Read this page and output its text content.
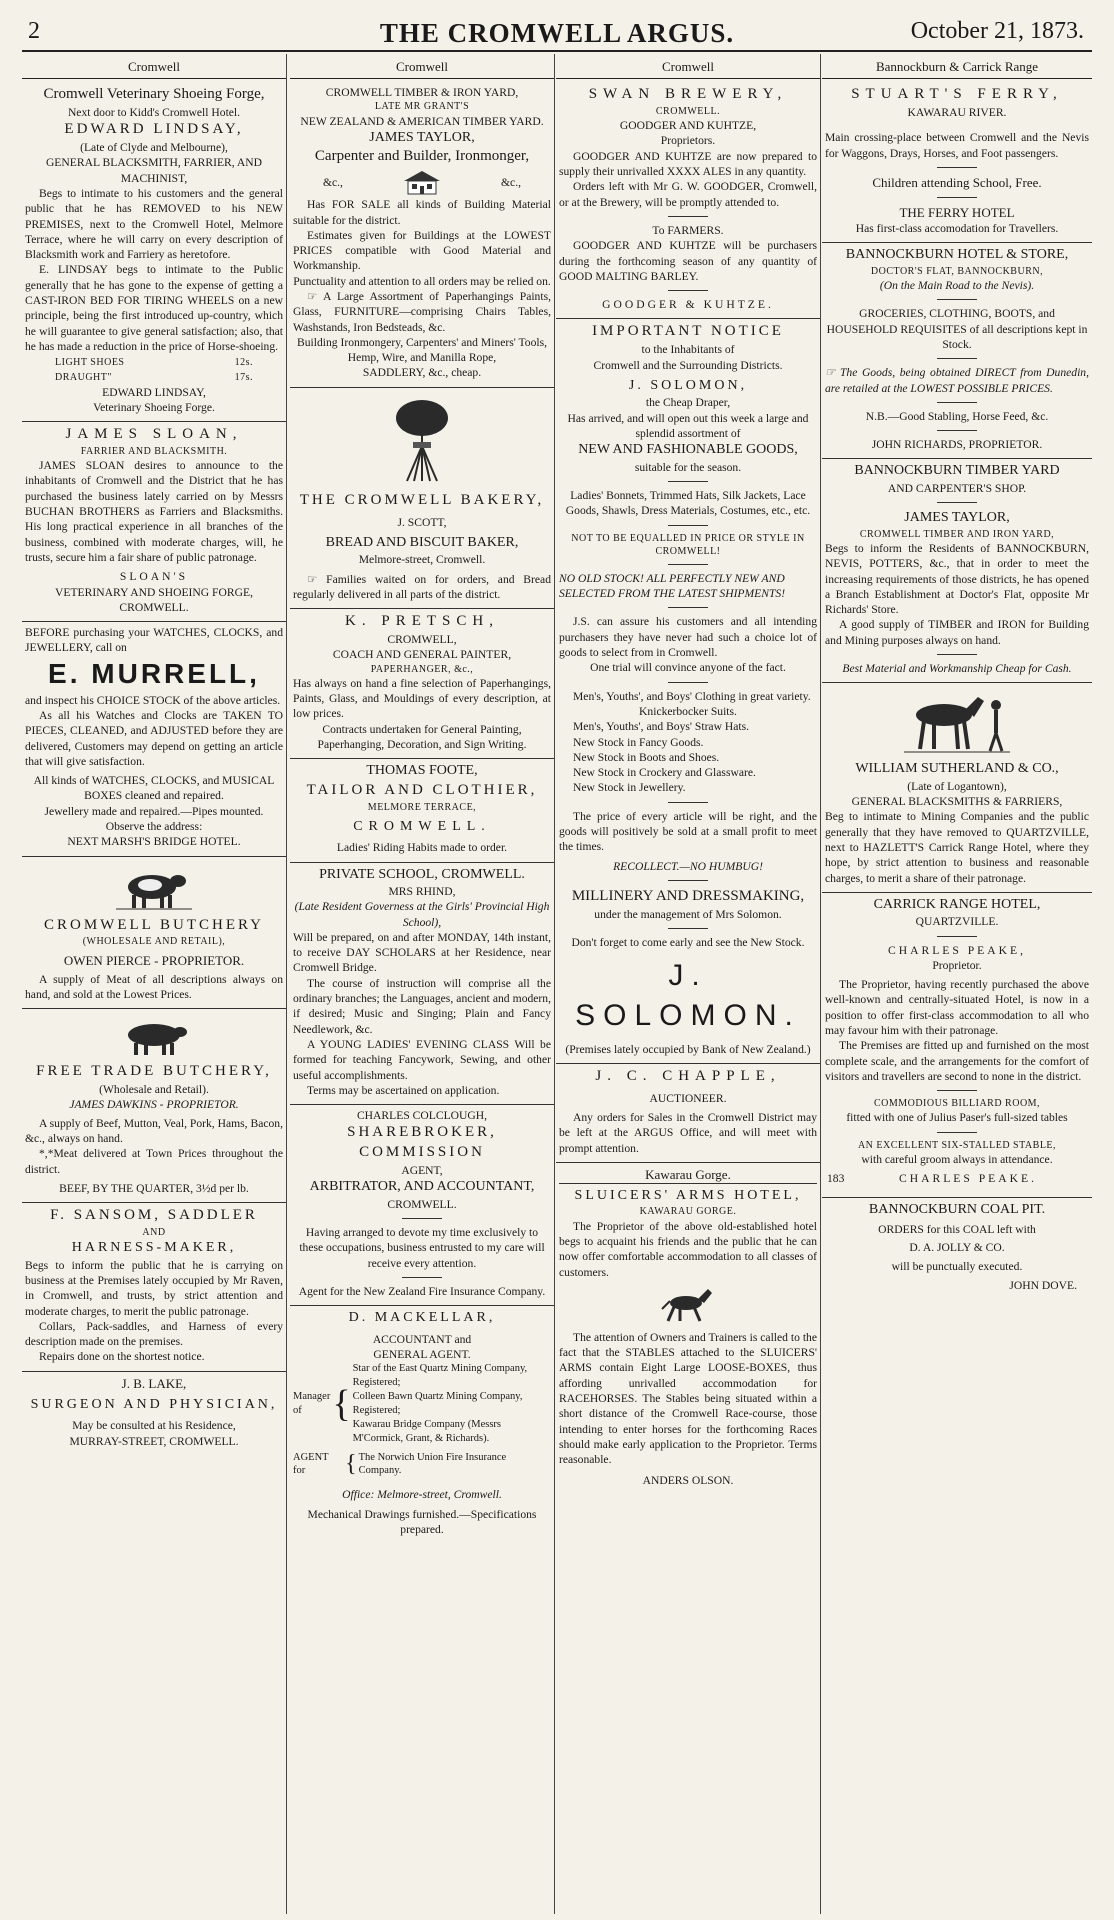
2	THE CROMWELL ARGUS.	October 21, 1873.
Cromwell
Cromwell Veterinary Shoeing Forge,
Next door to Kidd's Cromwell Hotel.
EDWARD LINDSAY,
(Late of Clyde and Melbourne),
GENERAL BLACKSMITH, FARRIER, AND MACHINIST,
Begs to intimate to his customers and the general public that he has REMOVED to his NEW PREMISES, next to the Cromwell Hotel, Melmore Terrace, where he will carry on every description of Blacksmith work and Farriery as heretofore.
E. LINDSAY begs to intimate to the Public generally that he has gone to the expense of getting a CAST-IRON BED FOR TIRING WHEELS on a new principle, being the first introduced up-country, which he will guarantee to give general satisfaction; also, that he has made a reduction in the price of Horse-shoeing.
LIGHT SHOES	12s.
DRAUGHT"	17s.
EDWARD LINDSAY,
Veterinary Shoeing Forge.
JAMES SLOAN,
FARRIER AND BLACKSMITH.
JAMES SLOAN desires to announce to the inhabitants of Cromwell and the District that he has purchased the business lately carried on by Messrs BUCHAN BROTHERS as Farriers and Blacksmiths. His long practical experience in all branches of the business, combined with moderate charges, will, he trusts, secure him a fair share of public patronage.
SLOAN'S
VETERINARY AND SHOEING FORGE,
CROMWELL.
BEFORE purchasing your WATCHES, CLOCKS, and JEWELLERY, call on
E. MURRELL,
and inspect his CHOICE STOCK of the above articles.
As all his Watches and Clocks are TAKEN TO PIECES, CLEANED, and ADJUSTED before they are delivered, Customers may depend on getting an article that will give satisfaction.
All kinds of WATCHES, CLOCKS, and MUSICAL BOXES cleaned and repaired.
Jewellery made and repaired.—Pipes mounted.
Observe the address:
NEXT MARSH'S BRIDGE HOTEL.
CROMWELL BUTCHERY
(WHOLESALE AND RETAIL),
OWEN PIERCE - PROPRIETOR.
A supply of Meat of all descriptions always on hand, and sold at the Lowest Prices.
FREE TRADE BUTCHERY,
(Wholesale and Retail).
JAMES DAWKINS - PROPRIETOR.
A supply of Beef, Mutton, Veal, Pork, Hams, Bacon, &c., always on hand.
*,*Meat delivered at Town Prices throughout the district.
BEEF, BY THE QUARTER, 3½d per lb.
F. SANSOM, SADDLER
AND
HARNESS-MAKER,
Begs to inform the public that he is carrying on business at the Premises lately occupied by Mr Raven, in Cromwell, and trusts, by strict attention and moderate charges, to merit the public patronage.
Collars, Pack-saddles, and Harness of every description made on the premises.
Repairs done on the shortest notice.
J. B. LAKE,
SURGEON AND PHYSICIAN,
May be consulted at his Residence,
MURRAY-STREET, CROMWELL.
Cromwell
CROMWELL TIMBER & IRON YARD,
LATE MR GRANT'S
NEW ZEALAND & AMERICAN TIMBER YARD.
JAMES TAYLOR,
Carpenter and Builder, Ironmonger,
&c.,	&c.,
Has FOR SALE all kinds of Building Material suitable for the district.
Estimates given for Buildings at the LOWEST PRICES compatible with Good Material and Workmanship.
Punctuality and attention to all orders may be relied on.
☞ A Large Assortment of Paperhangings Paints, Glass, FURNITURE—comprising Chairs Tables, Washstands, Iron Bedsteads, &c.
Building Ironmongery, Carpenters' and Miners' Tools, Hemp, Wire, and Manilla Rope,
SADDLERY, &c., cheap.
THE CROMWELL BAKERY,
J. SCOTT,
BREAD AND BISCUIT BAKER,
Melmore-street, Cromwell.
☞ Families waited on for orders, and Bread regularly delivered in all parts of the district.
K. PRETSCH,
CROMWELL,
COACH AND GENERAL PAINTER,
PAPERHANGER, &c.,
Has always on hand a fine selection of Paperhangings, Paints, Glass, and Mouldings of every description, at low prices.
Contracts undertaken for General Painting, Paperhanging, Decoration, and Sign Writing.
THOMAS FOOTE,
TAILOR AND CLOTHIER,
MELMORE TERRACE,
CROMWELL.
Ladies' Riding Habits made to order.
PRIVATE SCHOOL, CROMWELL.
MRS RHIND,
(Late Resident Governess at the Girls' Provincial High School),
Will be prepared, on and after MONDAY, 14th instant, to receive DAY SCHOLARS at her Residence, near Cromwell Bridge.
The course of instruction will comprise all the ordinary branches; the Languages, ancient and modern, if desired; Music and Singing; Plain and Fancy Needlework, &c.
A YOUNG LADIES' EVENING CLASS Will be formed for teaching Fancywork, Sewing, and other useful accomplishments.
Terms may be ascertained on application.
CHARLES COLCLOUGH,
SHAREBROKER, COMMISSION
AGENT,
ARBITRATOR, AND ACCOUNTANT,
CROMWELL.
Having arranged to devote my time exclusively to these occupations, business entrusted to my care will receive every attention.
Agent for the New Zealand Fire Insurance Company.
D. MACKELLAR,
ACCOUNTANT and
GENERAL AGENT.
Manager of {
Star of the East Quartz Mining Company, Registered;
Colleen Bawn Quartz Mining Company, Registered;
Kawarau Bridge Company (Messrs M'Cormick, Grant, & Richards).
AGENT for	{ The Norwich Union Fire Insurance Company.
Office: Melmore-street, Cromwell.
Mechanical Drawings furnished.—Specifications prepared.
Cromwell
SWAN BREWERY,
CROMWELL.
GOODGER AND KUHTZE,
Proprietors.
GOODGER AND KUHTZE are now prepared to supply their unrivalled XXXX ALES in any quantity.
Orders left with Mr G. W. GOODGER, Cromwell, or at the Brewery, will be promptly attended to.
To FARMERS.
GOODGER AND KUHTZE will be purchasers during the forthcoming season of any quantity of GOOD MALTING BARLEY.
GOODGER & KUHTZE.
IMPORTANT NOTICE
to the Inhabitants of
Cromwell and the Surrounding Districts.
J. SOLOMON,
the Cheap Draper,
Has arrived, and will open out this week a large and splendid assortment of
NEW AND FASHIONABLE GOODS,
suitable for the season.
Ladies' Bonnets, Trimmed Hats, Silk Jackets, Lace Goods, Shawls, Dress Materials, Costumes, etc., etc.
NOT TO BE EQUALLED IN PRICE OR STYLE IN CROMWELL!
NO OLD STOCK! ALL PERFECTLY NEW AND SELECTED FROM THE LATEST SHIPMENTS!
J.S. can assure his customers and all intending purchasers they have never had such a choice lot of goods to select from in Cromwell.
One trial will convince anyone of the fact.
Men's, Youths', and Boys' Clothing in great variety.
Knickerbocker Suits.
Men's, Youths', and Boys' Straw Hats.
New Stock in Fancy Goods.
New Stock in Boots and Shoes.
New Stock in Crockery and Glassware.
New Stock in Jewellery.
The price of every article will be right, and the goods will positively be sold at a small profit to meet the times.
RECOLLECT.—NO HUMBUG!
MILLINERY AND DRESSMAKING,
under the management of Mrs Solomon.
Don't forget to come early and see the New Stock.
J. SOLOMON.
(Premises lately occupied by Bank of New Zealand.)
J. C. CHAPPLE,
AUCTIONEER.
Any orders for Sales in the Cromwell District may be left at the ARGUS Office, and will meet with prompt attention.
Kawarau Gorge.
SLUICERS' ARMS HOTEL,
KAWARAU GORGE.
The Proprietor of the above old-established hotel begs to acquaint his friends and the public that he can now offer comfortable accommodation to all classes of customers.
The attention of Owners and Trainers is called to the fact that the STABLES attached to the SLUICERS' ARMS contain Eight Large LOOSE-BOXES, thus affording unrivalled accommodation for RACEHORSES. The Stables being situated within a short distance of the Cromwell Race-course, those intending to enter horses for the forthcoming Races should make early application to the Proprietor. Terms reasonable.
ANDERS OLSON.
Bannockburn & Carrick Range
STUART'S FERRY,
KAWARAU RIVER.
Main crossing-place between Cromwell and the Nevis for Waggons, Drays, Horses, and Foot passengers.
Children attending School, Free.
THE FERRY HOTEL
Has first-class accomodation for Travellers.
BANNOCKBURN HOTEL & STORE,
DOCTOR'S FLAT, BANNOCKBURN,
(On the Main Road to the Nevis).
GROCERIES, CLOTHING, BOOTS, and HOUSEHOLD REQUISITES of all descriptions kept in Stock.
☞ The Goods, being obtained DIRECT from Dunedin, are retailed at the LOWEST POSSIBLE PRICES.
N.B.—Good Stabling, Horse Feed, &c.
JOHN RICHARDS, PROPRIETOR.
BANNOCKBURN TIMBER YARD
AND CARPENTER'S SHOP.
JAMES TAYLOR,
CROMWELL TIMBER AND IRON YARD,
Begs to inform the Residents of BANNOCKBURN, NEVIS, POTTERS, &c., that in order to meet the increasing requirements of those districts, he has opened a Branch Establishment at Doctor's Flat, opposite Mr Richards' Store.
A good supply of TIMBER and IRON for Building and Mining purposes always on hand.
Best Material and Workmanship Cheap for Cash.
WILLIAM SUTHERLAND & CO.,
(Late of Logantown),
GENERAL BLACKSMITHS & FARRIERS,
Beg to intimate to Mining Companies and the public generally that they have removed to QUARTZVILLE, next to HAZLETT'S Carrick Range Hotel, where they hope, by strict attention to business and reasonable charges, to merit a share of their patronage.
CARRICK RANGE HOTEL,
QUARTZVILLE.
CHARLES PEAKE,
Proprietor.
The Proprietor, having recently purchased the above well-known and centrally-situated Hotel, is now in a position to offer first-class accommodation to all who may favour him with their patronage.
The Premises are fitted up and furnished on the most complete scale, and the arrangements for the comfort of visitors and travellers are second to none in the district.
COMMODIOUS BILLIARD ROOM,
fitted with one of Julius Paser's full-sized tables
AN EXCELLENT SIX-STALLED STABLE,
with careful groom always in attendance.
183	CHARLES PEAKE.
BANNOCKBURN COAL PIT.
ORDERS for this COAL left with
D. A. JOLLY & CO.
will be punctually executed.
JOHN DOVE.
